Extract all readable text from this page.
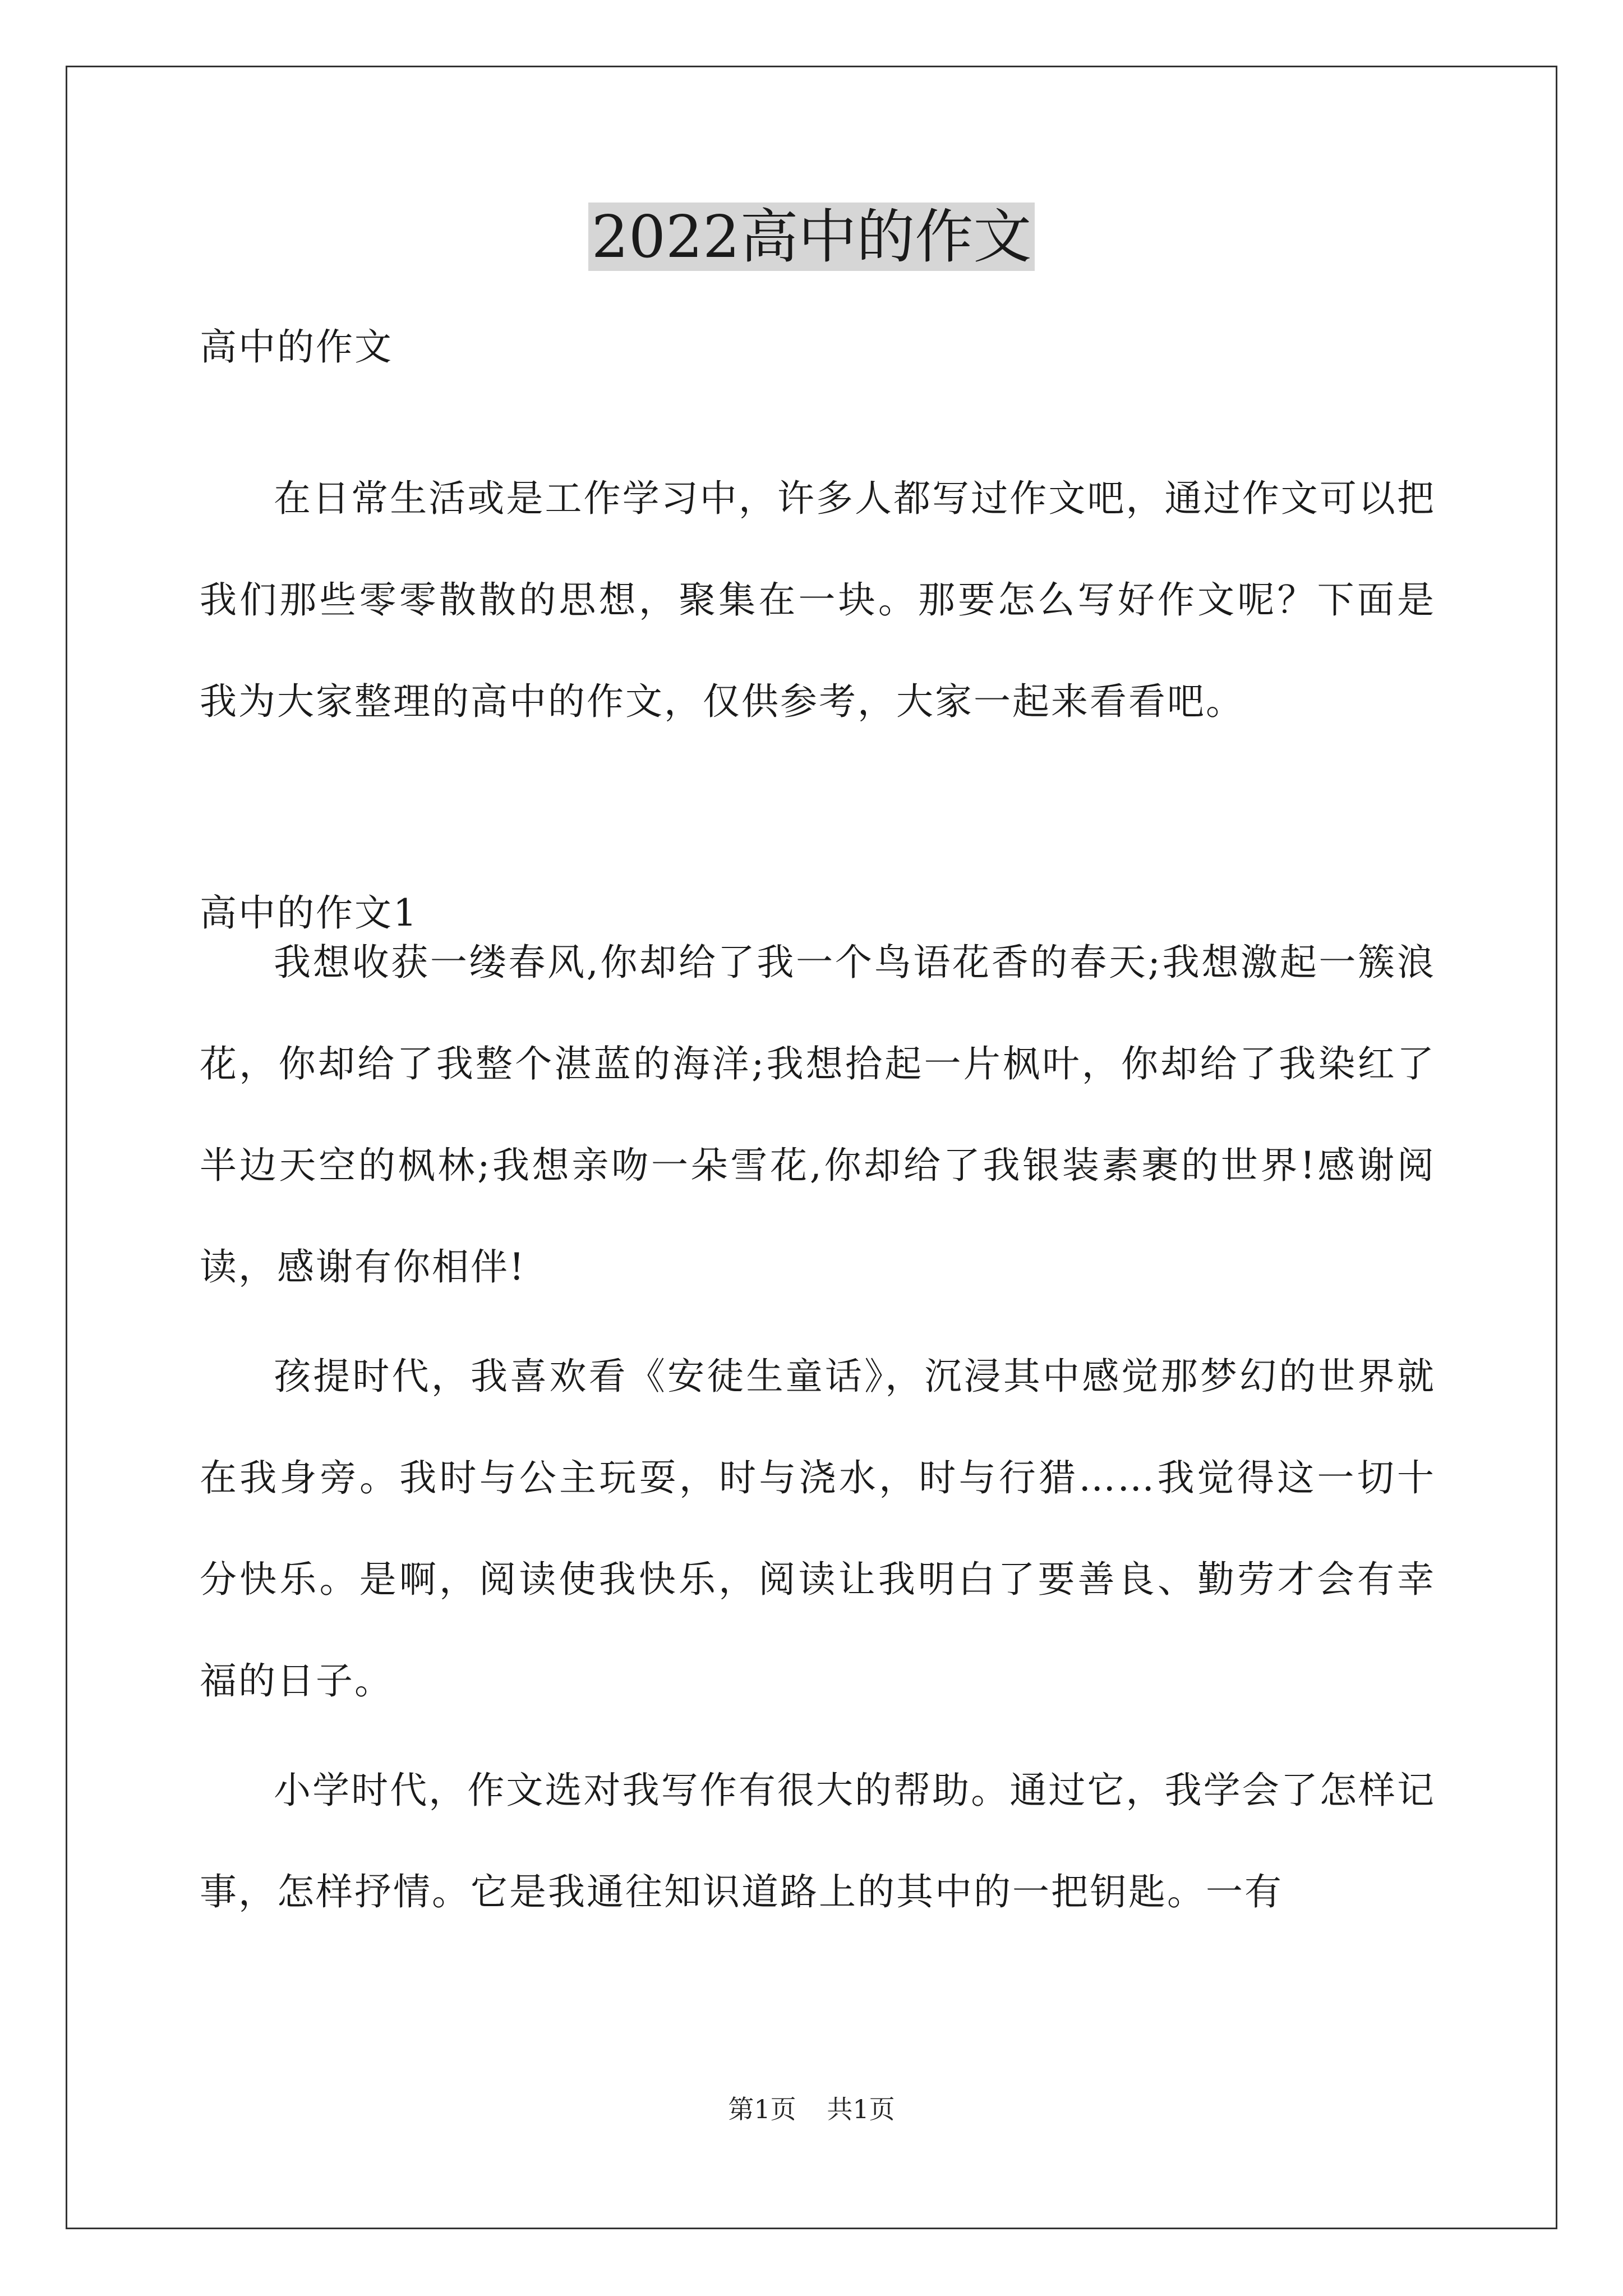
2022高中的作文

高中的作文

在日常生活或是工作学习中，许多人都写过作文吧，通过作文可以把我们那些零零散散的思想，聚集在一块。那要怎么写好作文呢？下面是我为大家整理的高中的作文，仅供参考，大家一起来看看吧。

高中的作文1

我想收获一缕春风,你却给了我一个鸟语花香的春天;我想激起一簇浪花，你却给了我整个湛蓝的海洋;我想拾起一片枫叶，你却给了我染红了半边天空的枫林;我想亲吻一朵雪花,你却给了我银装素裹的世界!感谢阅读，感谢有你相伴!

孩提时代，我喜欢看《安徒生童话》，沉浸其中感觉那梦幻的世界就在我身旁。我时与公主玩耍，时与浇水，时与行猎……我觉得这一切十分快乐。是啊，阅读使我快乐，阅读让我明白了要善良、勤劳才会有幸福的日子。

小学时代，作文选对我写作有很大的帮助。通过它，我学会了怎样记事，怎样抒情。它是我通往知识道路上的其中的一把钥匙。一有

第1页 共1页
